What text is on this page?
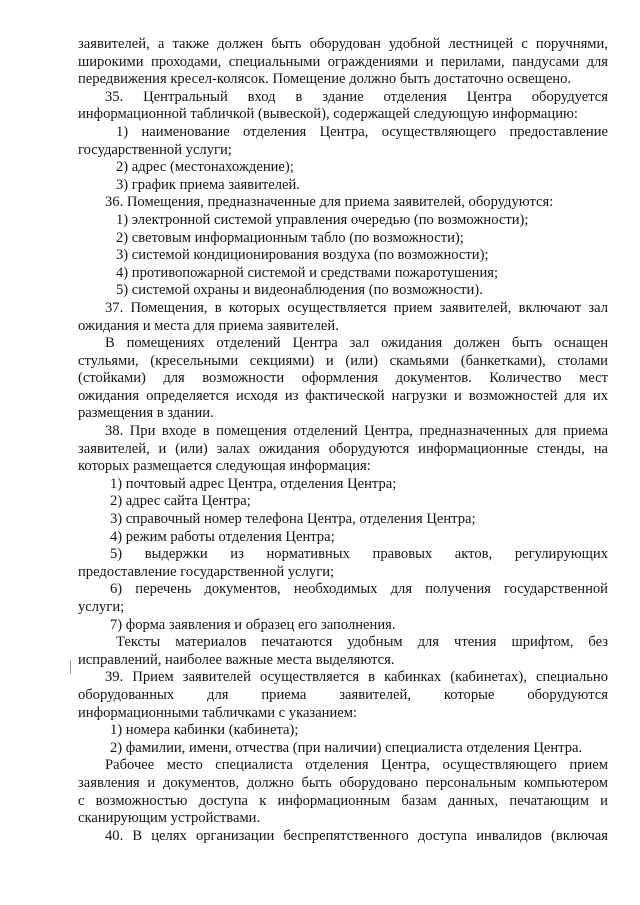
заявителей, а также должен быть оборудован удобной лестницей с поручнями,
широкими проходами, специальными ограждениями и перилами, пандусами для
передвижения кресел-колясок. Помещение должно быть достаточно освещено.
35. Центральный вход в здание отделения Центра оборудуется
информационной табличкой (вывеской), содержащей следующую информацию:
1) наименование отделения Центра, осуществляющего предоставление
государственной услуги;
2) адрес (местонахождение);
3) график приема заявителей.
36. Помещения, предназначенные для приема заявителей, оборудуются:
1) электронной системой управления очередью (по возможности);
2) световым информационным табло (по возможности);
3) системой кондиционирования воздуха (по возможности);
4) противопожарной системой и средствами пожаротушения;
5) системой охраны и видеонаблюдения (по возможности).
37. Помещения, в которых осуществляется прием заявителей, включают зал
ожидания и места для приема заявителей.
В помещениях отделений Центра зал ожидания должен быть оснащен
стульями, (кресельными секциями) и (или) скамьями (банкетками), столами
(стойками) для возможности оформления документов. Количество мест
ожидания определяется исходя из фактической нагрузки и возможностей для их
размещения в здании.
38. При входе в помещения отделений Центра, предназначенных для приема
заявителей, и (или) залах ожидания оборудуются информационные стенды, на
которых размещается следующая информация:
1) почтовый адрес Центра, отделения Центра;
2) адрес сайта Центра;
3) справочный номер телефона Центра, отделения Центра;
4) режим работы отделения Центра;
5) выдержки из нормативных правовых актов, регулирующих
предоставление государственной услуги;
6) перечень документов, необходимых для получения государственной
услуги;
7) форма заявления и образец его заполнения.
Тексты материалов печатаются удобным для чтения шрифтом, без
исправлений, наиболее важные места выделяются.
39. Прием заявителей осуществляется в кабинках (кабинетах), специально
оборудованных для приема заявителей, которые оборудуются
информационными табличками с указанием:
1) номера кабинки (кабинета);
2) фамилии, имени, отчества (при наличии) специалиста отделения Центра.
Рабочее место специалиста отделения Центра, осуществляющего прием
заявления и документов, должно быть оборудовано персональным компьютером
с возможностью доступа к информационным базам данных, печатающим и
сканирующим устройствами.
40. В целях организации беспрепятственного доступа инвалидов (включая
